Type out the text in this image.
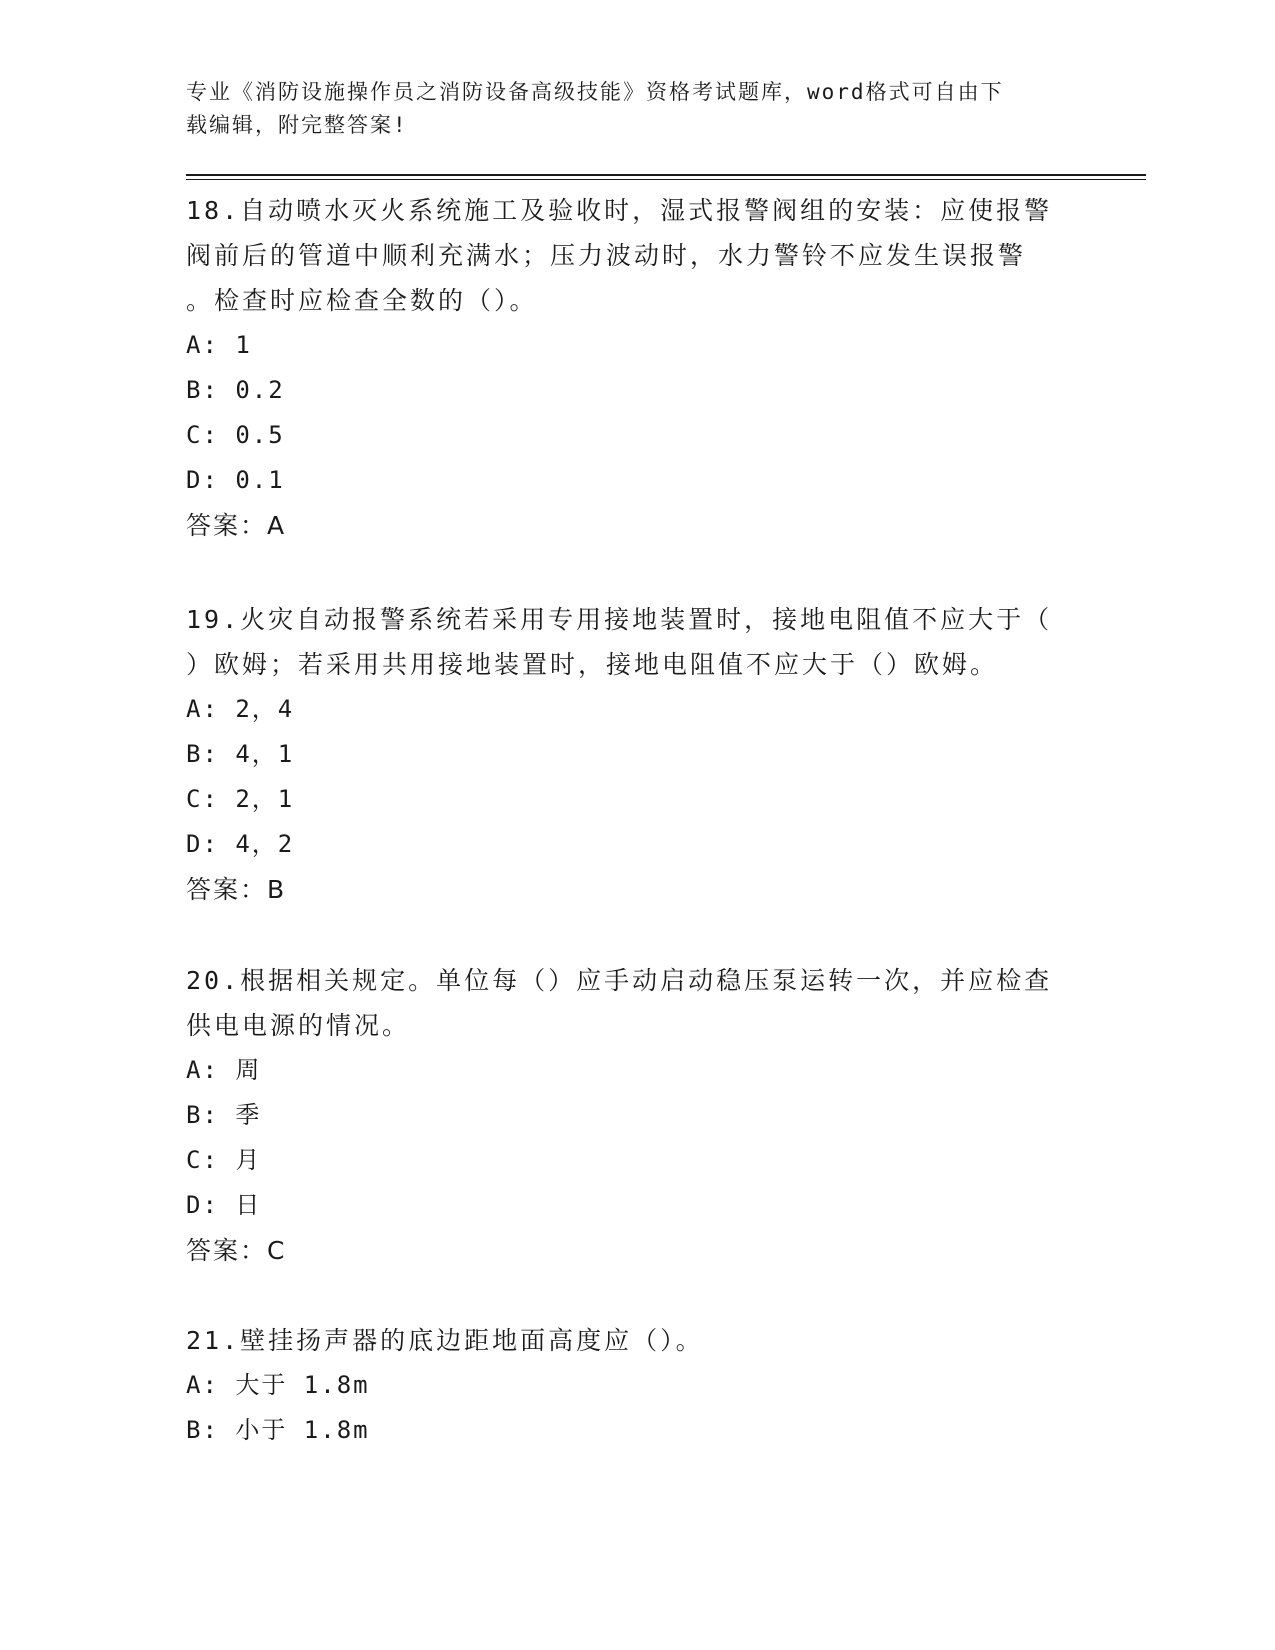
专业《消防设施操作员之消防设备高级技能》资格考试题库，word格式可自由下
载编辑，附完整答案!
18.自动喷水灭火系统施工及验收时，湿式报警阀组的安装：应使报警
阀前后的管道中顺利充满水；压力波动时，水力警铃不应发生误报警
。检查时应检查全数的（）。
A: 1
B: 0.2
C: 0.5
D: 0.1
答案：A
19.火灾自动报警系统若采用专用接地装置时，接地电阻值不应大于（
）欧姆；若采用共用接地装置时，接地电阻值不应大于（）欧姆。
A: 2，4
B: 4，1
C: 2，1
D: 4，2
答案：B
20.根据相关规定。单位每（）应手动启动稳压泵运转一次，并应检查
供电电源的情况。
A: 周
B: 季
C: 月
D: 日
答案：C
21.壁挂扬声器的底边距地面高度应（）。
A: 大于 1.8m
B: 小于 1.8m
